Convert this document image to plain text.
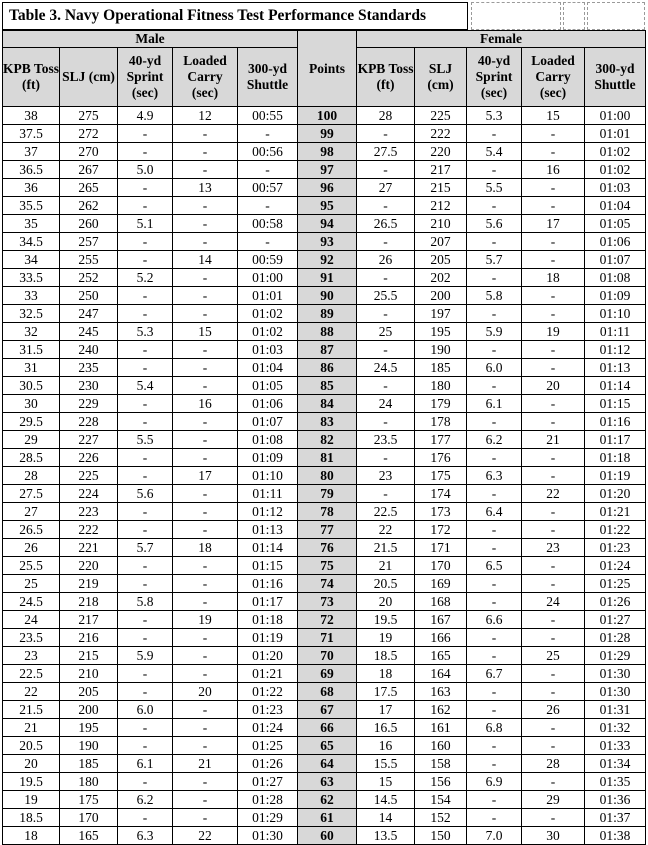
Table 3. Navy Operational Fitness Test Performance Standards
Male					Points	Female				
KPB Toss (ft)	SLJ (cm)	40-yd Sprint (sec)	Loaded Carry (sec)	300-yd Shuttle		KPB Toss (ft)	SLJ (cm)	40-yd Sprint (sec)	Loaded Carry (sec)	300-yd Shuttle
38	275	4.9	12	00:55	100	28	225	5.3	15	01:00
37.5	272	-	-	-	99	-	222	-	-	01:01
37	270	-	-	00:56	98	27.5	220	5.4	-	01:02
36.5	267	5.0	-	-	97	-	217	-	16	01:02
36	265	-	13	00:57	96	27	215	5.5	-	01:03
35.5	262	-	-	-	95	-	212	-	-	01:04
35	260	5.1	-	00:58	94	26.5	210	5.6	17	01:05
34.5	257	-	-	-	93	-	207	-	-	01:06
34	255	-	14	00:59	92	26	205	5.7	-	01:07
33.5	252	5.2	-	01:00	91	-	202	-	18	01:08
33	250	-	-	01:01	90	25.5	200	5.8	-	01:09
32.5	247	-	-	01:02	89	-	197	-	-	01:10
32	245	5.3	15	01:02	88	25	195	5.9	19	01:11
31.5	240	-	-	01:03	87	-	190	-	-	01:12
31	235	-	-	01:04	86	24.5	185	6.0	-	01:13
30.5	230	5.4	-	01:05	85	-	180	-	20	01:14
30	229	-	16	01:06	84	24	179	6.1	-	01:15
29.5	228	-	-	01:07	83	-	178	-	-	01:16
29	227	5.5	-	01:08	82	23.5	177	6.2	21	01:17
28.5	226	-	-	01:09	81	-	176	-	-	01:18
28	225	-	17	01:10	80	23	175	6.3	-	01:19
27.5	224	5.6	-	01:11	79	-	174	-	22	01:20
27	223	-	-	01:12	78	22.5	173	6.4	-	01:21
26.5	222	-	-	01:13	77	22	172	-	-	01:22
26	221	5.7	18	01:14	76	21.5	171	-	23	01:23
25.5	220	-	-	01:15	75	21	170	6.5	-	01:24
25	219	-	-	01:16	74	20.5	169	-	-	01:25
24.5	218	5.8	-	01:17	73	20	168	-	24	01:26
24	217	-	19	01:18	72	19.5	167	6.6	-	01:27
23.5	216	-	-	01:19	71	19	166	-	-	01:28
23	215	5.9	-	01:20	70	18.5	165	-	25	01:29
22.5	210	-	-	01:21	69	18	164	6.7	-	01:30
22	205	-	20	01:22	68	17.5	163	-	-	01:30
21.5	200	6.0	-	01:23	67	17	162	-	26	01:31
21	195	-	-	01:24	66	16.5	161	6.8	-	01:32
20.5	190	-	-	01:25	65	16	160	-	-	01:33
20	185	6.1	21	01:26	64	15.5	158	-	28	01:34
19.5	180	-	-	01:27	63	15	156	6.9	-	01:35
19	175	6.2	-	01:28	62	14.5	154	-	29	01:36
18.5	170	-	-	01:29	61	14	152	-	-	01:37
18	165	6.3	22	01:30	60	13.5	150	7.0	30	01:38
